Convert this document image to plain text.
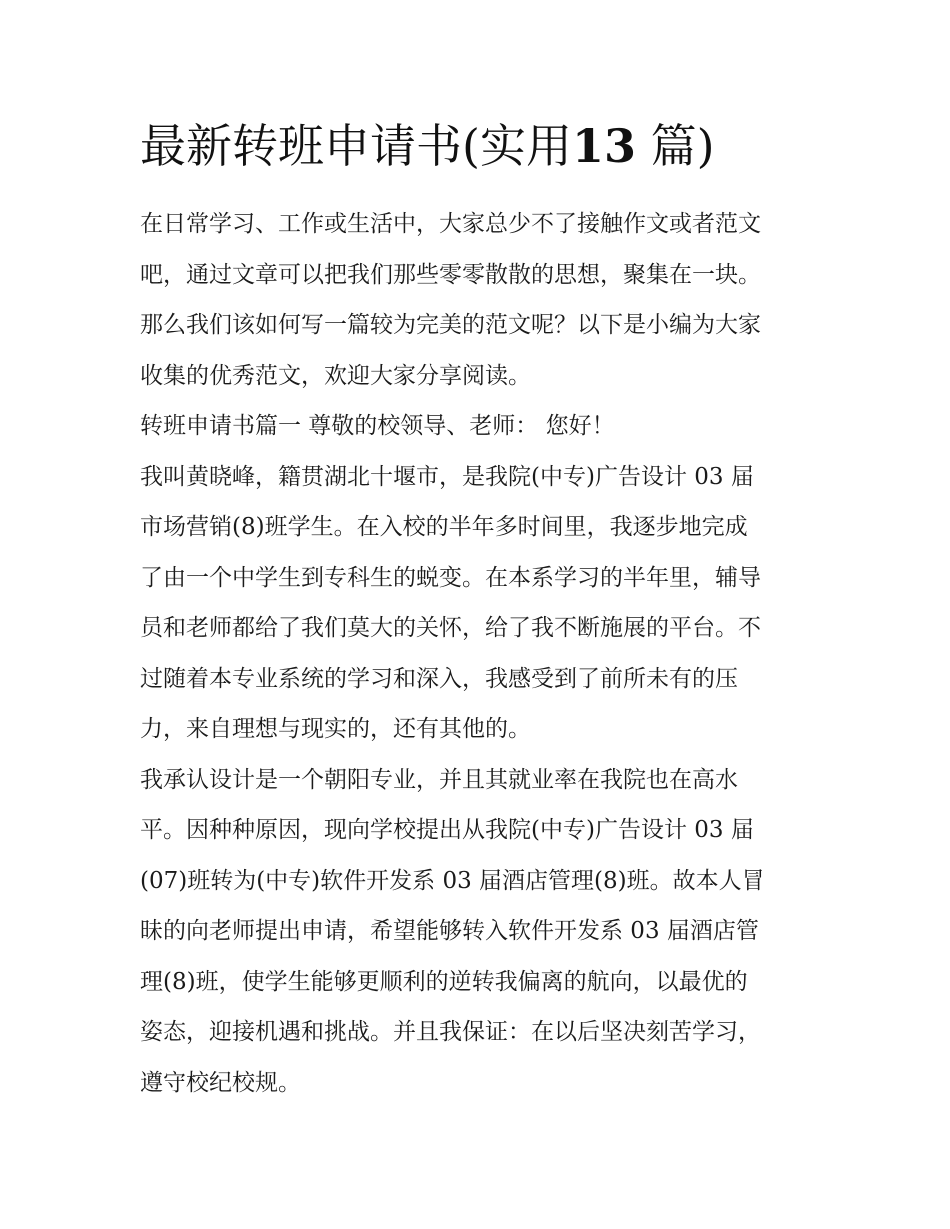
最新转班申请书(实用13 篇)
在日常学习、工作或生活中，大家总少不了接触作文或者范文
吧，通过文章可以把我们那些零零散散的思想，聚集在一块。
那么我们该如何写一篇较为完美的范文呢？以下是小编为大家
收集的优秀范文，欢迎大家分享阅读。
转班申请书篇一 尊敬的校领导、老师： 您好！
我叫黄晓峰，籍贯湖北十堰市，是我院(中专)广告设计 03 届
市场营销(8)班学生。在入校的半年多时间里，我逐步地完成
了由一个中学生到专科生的蜕变。在本系学习的半年里，辅导
员和老师都给了我们莫大的关怀，给了我不断施展的平台。不
过随着本专业系统的学习和深入，我感受到了前所未有的压
力，来自理想与现实的，还有其他的。
我承认设计是一个朝阳专业，并且其就业率在我院也在高水
平。因种种原因，现向学校提出从我院(中专)广告设计 03 届
(07)班转为(中专)软件开发系 03 届酒店管理(8)班。故本人冒
昧的向老师提出申请，希望能够转入软件开发系 03 届酒店管
理(8)班，使学生能够更顺利的逆转我偏离的航向，以最优的
姿态，迎接机遇和挑战。并且我保证：在以后坚决刻苦学习，
遵守校纪校规。
